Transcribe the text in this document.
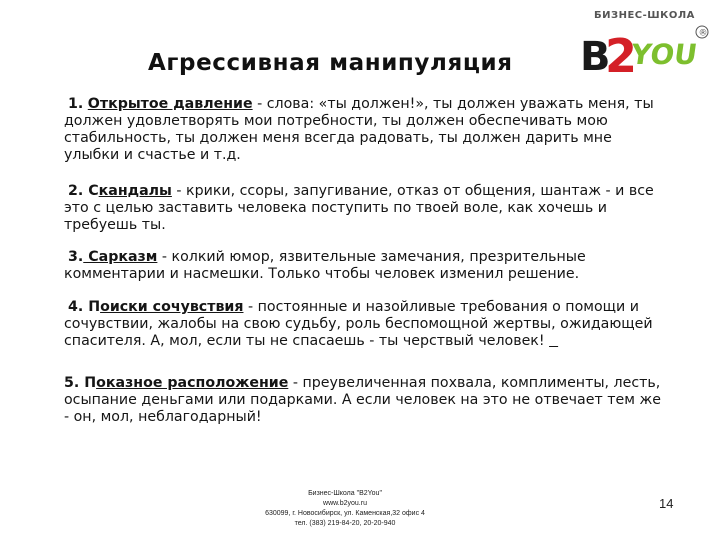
Агрессивная манипуляция
БИЗНЕС-ШКОЛА
B
2
YOU
®
1. Открытое давление - слова: «ты должен!», ты должен уважать меня, ты должен удовлетворять мои потребности, ты должен обеспечивать мою стабильность, ты должен меня всегда радовать, ты должен дарить мне улыбки и счастье и т.д.
2. Скандалы - крики, ссоры, запугивание, отказ от общения, шантаж - и все это с целью заставить человека поступить по твоей воле, как хочешь и требуешь ты.
3. Сарказм - колкий юмор, язвительные замечания, презрительные комментарии и насмешки. Только чтобы человек изменил решение.
4. Поиски сочувствия - постоянные и назойливые требования о помощи и сочувствии, жалобы на свою судьбу, роль беспомощной жертвы, ожидающей спасителя. А, мол, если ты не спасаешь - ты черствый человек!
5. Показное расположение - преувеличенная похвала, комплименты, лесть, осыпание деньгами или подарками. А если человек на это не отвечает тем же - он, мол, неблагодарный!
Бизнес-Школа "B2You"
www.b2you.ru
630099, г. Новосибирск, ул. Каменская,32 офис 4
тел. (383) 219-84-20, 20-20-940
14
